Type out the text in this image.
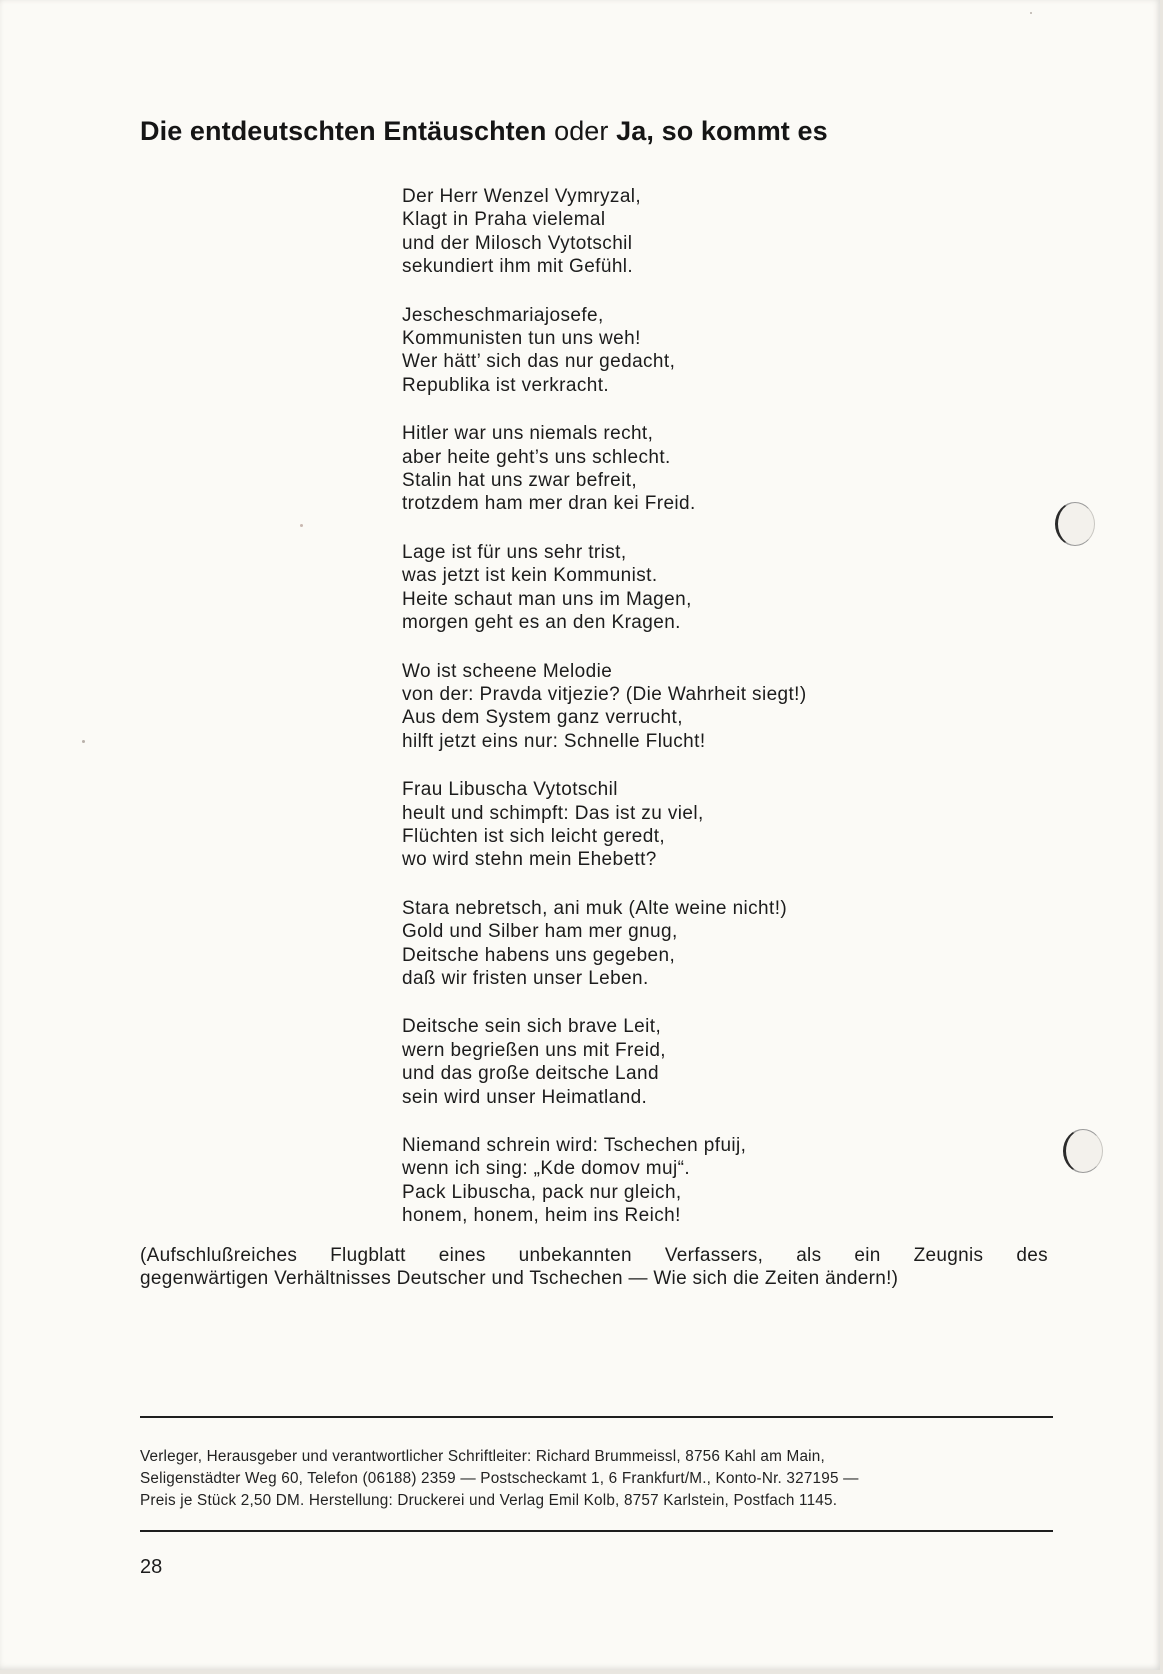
Die entdeutschten Entäuschten oder Ja, so kommt es
Der Herr Wenzel Vymryzal,
Klagt in Praha vielemal
und der Milosch Vytotschil
sekundiert ihm mit Gefühl.
Jescheschmariajosefe,
Kommunisten tun uns weh!
Wer hätt’ sich das nur gedacht,
Republika ist verkracht.
Hitler war uns niemals recht,
aber heite geht’s uns schlecht.
Stalin hat uns zwar befreit,
trotzdem ham mer dran kei Freid.
Lage ist für uns sehr trist,
was jetzt ist kein Kommunist.
Heite schaut man uns im Magen,
morgen geht es an den Kragen.
Wo ist scheene Melodie
von der: Pravda vitjezie? (Die Wahrheit siegt!)
Aus dem System ganz verrucht,
hilft jetzt eins nur: Schnelle Flucht!
Frau Libuscha Vytotschil
heult und schimpft: Das ist zu viel,
Flüchten ist sich leicht geredt,
wo wird stehn mein Ehebett?
Stara nebretsch, ani muk (Alte weine nicht!)
Gold und Silber ham mer gnug,
Deitsche habens uns gegeben,
daß wir fristen unser Leben.
Deitsche sein sich brave Leit,
wern begrießen uns mit Freid,
und das große deitsche Land
sein wird unser Heimatland.
Niemand schrein wird: Tschechen pfuij,
wenn ich sing: „Kde domov muj“.
Pack Libuscha, pack nur gleich,
honem, honem, heim ins Reich!
(Aufschlußreiches Flugblatt eines unbekannten Verfassers, als ein Zeugnis des
gegenwärtigen Verhältnisses Deutscher und Tschechen — Wie sich die Zeiten ändern!)
Verleger, Herausgeber und verantwortlicher Schriftleiter: Richard Brummeissl, 8756 Kahl am Main,
Seligenstädter Weg 60, Telefon (06188) 2359 — Postscheckamt 1, 6 Frankfurt/M., Konto-Nr. 327195 —
Preis je Stück 2,50 DM. Herstellung: Druckerei und Verlag Emil Kolb, 8757 Karlstein, Postfach 1145.
28
